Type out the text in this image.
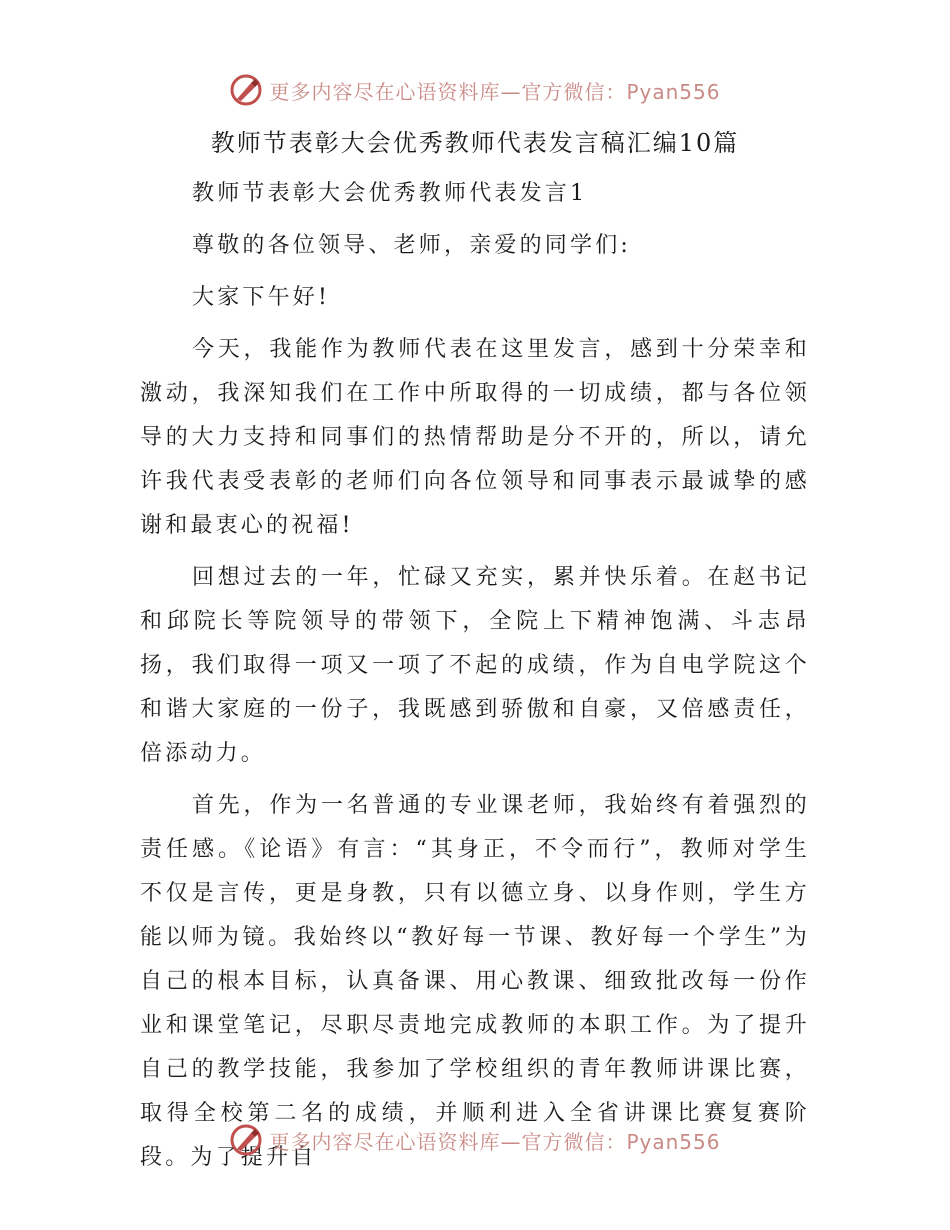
更多内容尽在心语资料库—官方微信：Pyan556
教师节表彰大会优秀教师代表发言稿汇编10篇

教师节表彰大会优秀教师代表发言1

尊敬的各位领导、老师，亲爱的同学们:

大家下午好!

今天，我能作为教师代表在这里发言，感到十分荣幸和激动，我深知我们在工作中所取得的一切成绩，都与各位领导的大力支持和同事们的热情帮助是分不开的，所以，请允许我代表受表彰的老师们向各位领导和同事表示最诚挚的感谢和最衷心的祝福!

回想过去的一年，忙碌又充实，累并快乐着。在赵书记和邱院长等院领导的带领下，全院上下精神饱满、斗志昂扬，我们取得一项又一项了不起的成绩，作为自电学院这个和谐大家庭的一份子，我既感到骄傲和自豪，又倍感责任，倍添动力。

首先，作为一名普通的专业课老师，我始终有着强烈的责任感。《论语》有言：“其身正，不令而行”，教师对学生不仅是言传，更是身教，只有以德立身、以身作则，学生方能以师为镜。我始终以“教好每一节课、教好每一个学生”为自己的根本目标，认真备课、用心教课、细致批改每一份作业和课堂笔记，尽职尽责地完成教师的本职工作。为了提升自己的教学技能，我参加了学校组织的青年教师讲课比赛，取得全校第二名的成绩，并顺利进入全省讲课比赛复赛阶段。为了提升自

更多内容尽在心语资料库—官方微信：Pyan556
